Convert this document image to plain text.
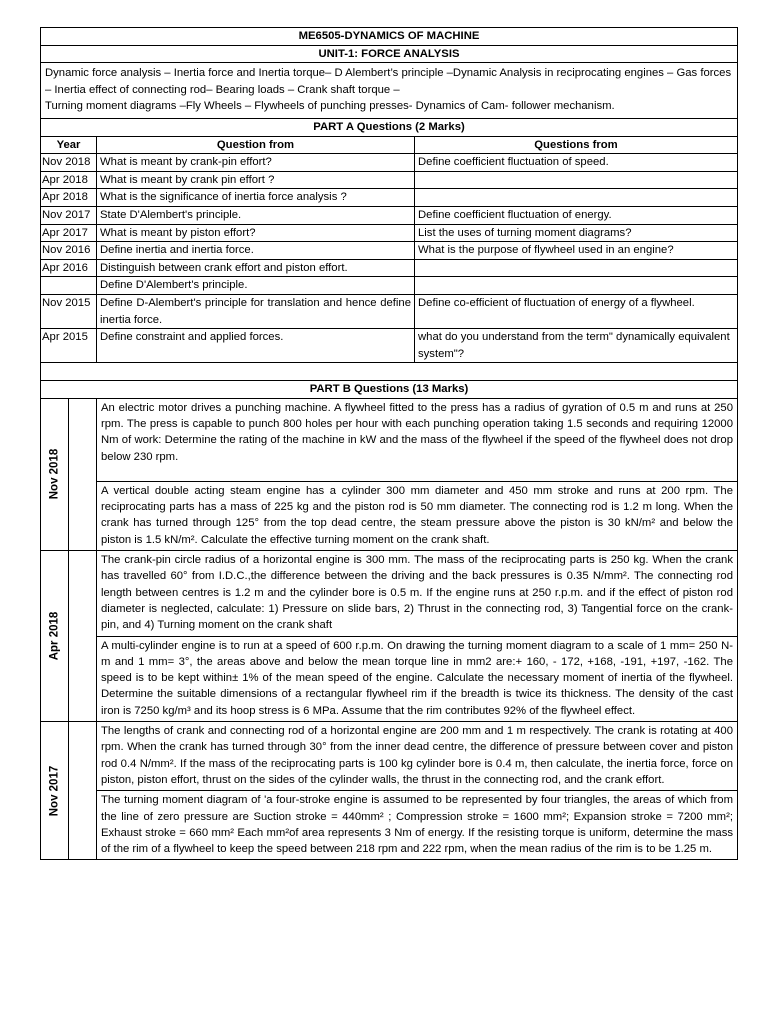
ME6505-DYNAMICS OF MACHINE		
UNIT-1: FORCE ANALYSIS		

Dynamic force analysis – Inertia force and Inertia torque– D Alembert’s principle –Dynamic Analysis in reciprocating engines – Gas forces – Inertia effect of connecting rod– Bearing loads – Crank shaft torque –
Turning moment diagrams –Fly Wheels – Flywheels of punching presses- Dynamics of Cam- follower mechanism.		

PART A Questions (2 Marks)		
Year	Question from	Questions from
Nov 2018	What is meant by crank-pin effort?	Define coefficient fluctuation of speed.
Apr 2018	What is meant by crank pin effort ?	
Apr 2018	What is the significance of inertia force analysis ?	
Nov 2017	State D'Alembert's principle.	Define coefficient fluctuation of energy.
Apr 2017	What is meant by piston effort?	List the uses of turning moment diagrams?
Nov 2016	Define inertia and inertia force.	What is the purpose of flywheel used in an engine?
Apr 2016	Distinguish between crank effort and piston effort.	
	Define D'Alembert's principle.	
Nov 2015	Define D-Alembert's principle for translation and hence define inertia force.	Define co-efficient of fluctuation of energy of a flywheel.
Apr 2015	Define constraint and applied forces.	what do you understand from the term" dynamically equivalent system"?

PART B Questions (13 Marks)		

Nov 2018		An electric motor drives a punching machine. A flywheel fitted to the press has a radius of gyration of 0.5 m and runs at 250 rpm. The press is capable to punch 800 holes per hour with each punching operation taking 1.5 seconds and requiring 12000 Nm of work: Determine the rating of the machine in kW and the mass of the flywheel if the speed of the flywheel does not drop below 230 rpm.
		A vertical double acting steam engine has a cylinder 300 mm diameter and 450 mm stroke and runs at 200 rpm. The reciprocating parts has a mass of 225 kg and the piston rod is 50 mm diameter. The connecting rod is 1.2 m long. When the crank has turned through 125° from the top dead centre, the steam pressure above the piston is 30 kN/m² and below the piston is 1.5 kN/m². Calculate the effective turning moment on the crank shaft.

Apr 2018		The crank-pin circle radius of a horizontal engine is 300 mm. The mass of the reciprocating parts is 250 kg. When the crank has travelled 60° from I.D.C.,the difference between the driving and the back pressures is 0.35 N/mm². The connecting rod length between centres is 1.2 m and the cylinder bore is 0.5 m. If the engine runs at 250 r.p.m. and if the effect of piston rod diameter is neglected, calculate: 1) Pressure on slide bars, 2) Thrust in the connecting rod, 3) Tangential force on the crank-pin, and 4) Turning moment on the crank shaft
		A multi-cylinder engine is to run at a speed of 600 r.p.m. On drawing the turning moment diagram to a scale of 1 mm= 250 N-m and 1 mm= 3°, the areas above and below the mean torque line in mm2 are:+ 160, - 172, +168, -191, +197, -162. The speed is to be kept within± 1% of the mean speed of the engine. Calculate the necessary moment of inertia of the flywheel. Determine the suitable dimensions of a rectangular flywheel rim if the breadth is twice its thickness. The density of the cast iron is 7250 kg/m³ and its hoop stress is 6 MPa. Assume that the rim contributes 92% of the flywheel effect.

Nov 2017		The lengths of crank and connecting rod of a horizontal engine are 200 mm and 1 m respectively. The crank is rotating at 400 rpm. When the crank has turned through 30° from the inner dead centre, the difference of pressure between cover and piston rod 0.4 N/mm². If the mass of the reciprocating parts is 100 kg cylinder bore is 0.4 m, then calculate, the inertia force, force on piston, piston effort, thrust on the sides of the cylinder walls, the thrust in the connecting rod, and the crank effort.
		The turning moment diagram of 'a four-stroke engine is assumed to be represented by four triangles, the areas of which from the line of zero pressure are Suction stroke = 440mm² ; Compression stroke = 1600 mm²; Expansion stroke = 7200 mm²; Exhaust stroke = 660 mm² Each mm²of area represents 3 Nm of energy. If the resisting torque is uniform, determine the mass of the rim of a flywheel to keep the speed between 218 rpm and 222 rpm, when the mean radius of the rim is to be 1.25 m.
